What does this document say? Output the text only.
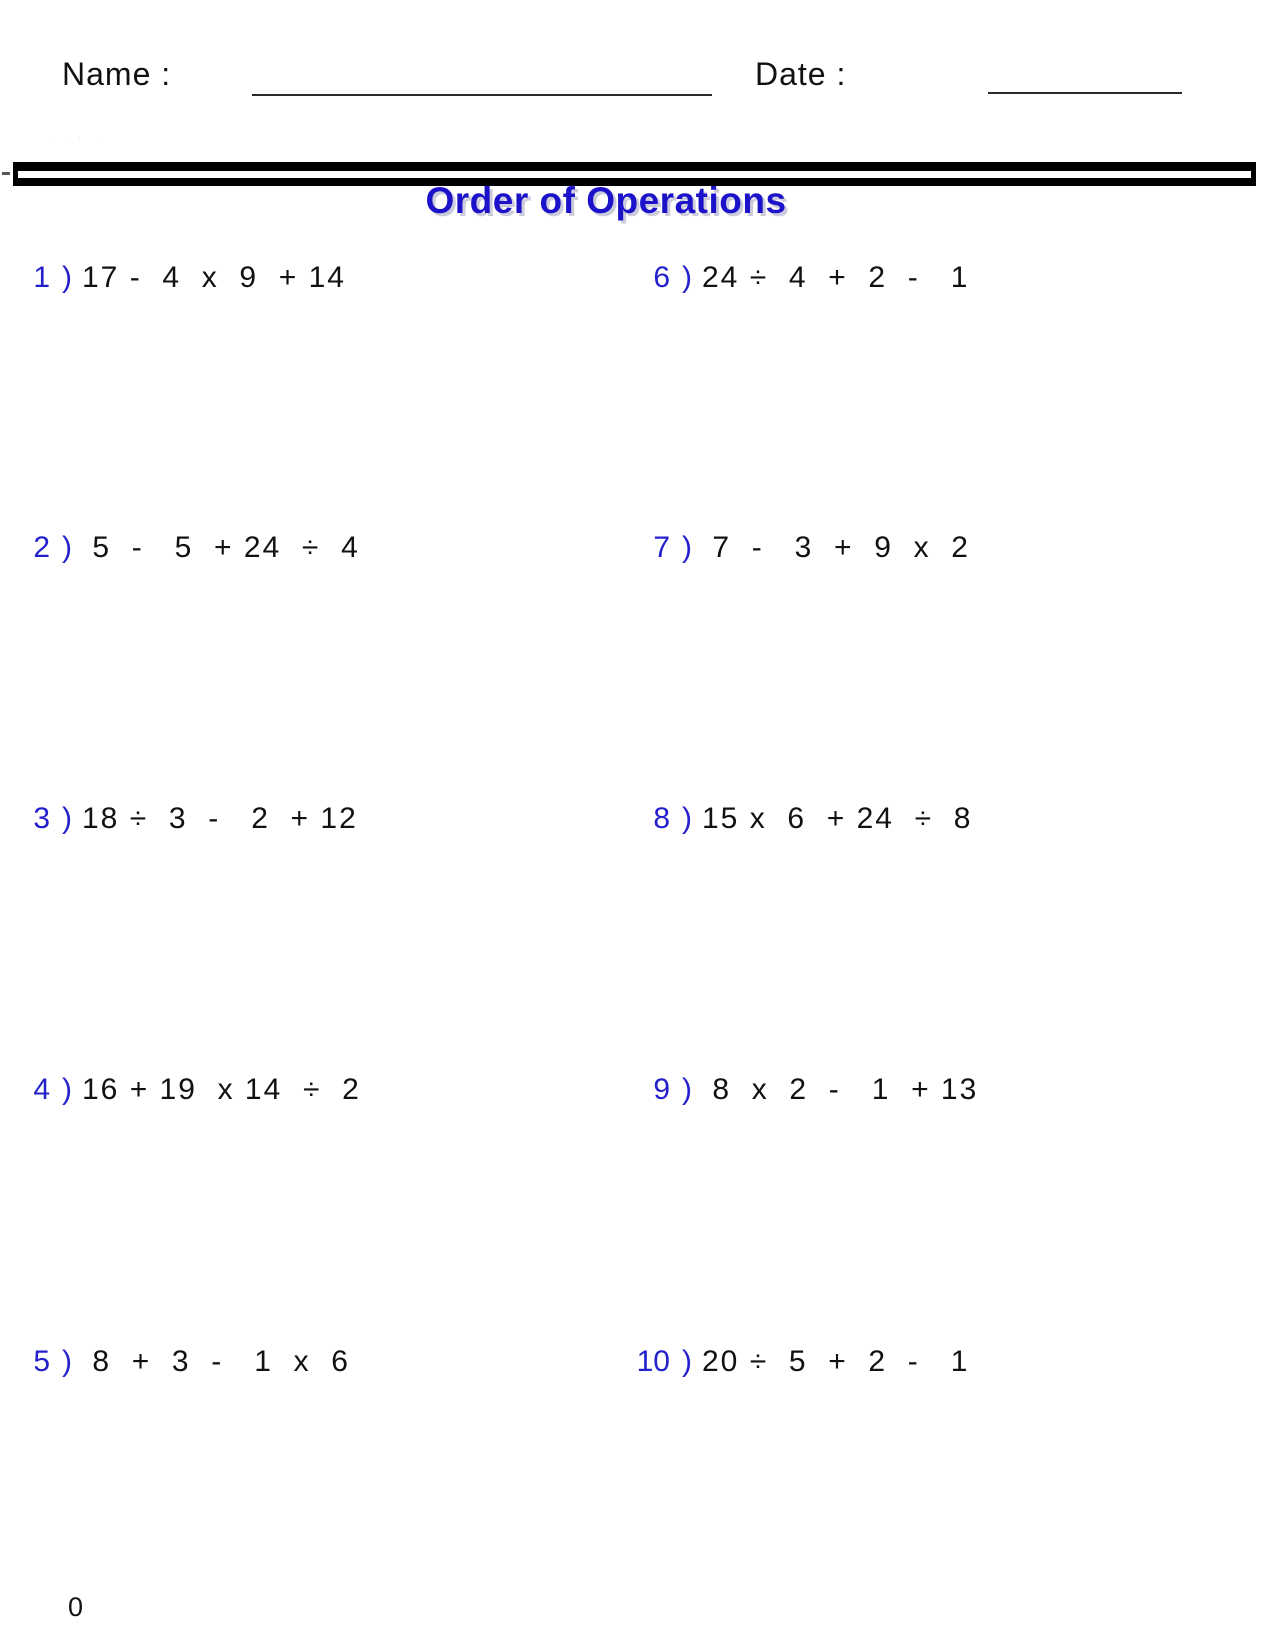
Name :	Date :
· ·· ·
Order of Operations
1 ) 17 -  4  x  9  + 14
2 ) 5  -   5  + 24  ÷  4
3 ) 18 ÷  3  -   2  + 12
4 ) 16 + 19  x 14  ÷  2
5 ) 8  +  3  -   1  x  6
6 ) 24 ÷  4  +  2  -   1
7 ) 7  -   3  +  9  x  2
8 ) 15 x  6  + 24  ÷  8
9 ) 8  x  2  -   1  + 13
10 ) 20 ÷  5  +  2  -   1
0
